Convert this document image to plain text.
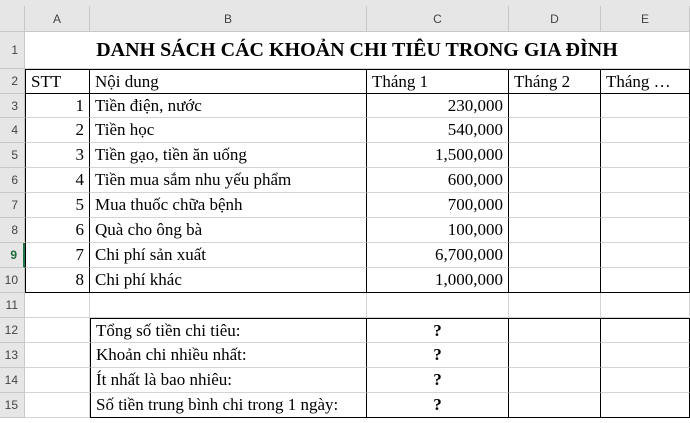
A	B	C	D	E
1
2
3
4
5
6
7
8
9
10
11
12
13
14
15
DANH SÁCH CÁC KHOẢN CHI TIÊU TRONG GIA ĐÌNH
STT	Nội dung	Tháng 1	Tháng 2	Tháng …
1 Tiền điện, nước	230,000
2 Tiền học	540,000
3 Tiền gạo, tiền ăn uống	1,500,000
4 Tiền mua sắm nhu yếu phẩm	600,000
5 Mua thuốc chữa bệnh	700,000
6 Quà cho ông bà	100,000
7 Chi phí sản xuất	6,700,000
8 Chi phí khác	1,000,000
Tổng số tiền chi tiêu:	?
Khoản chi nhiều nhất:	?
Ít nhất là bao nhiêu:	?
Số tiền trung bình chi trong 1 ngày:	?
